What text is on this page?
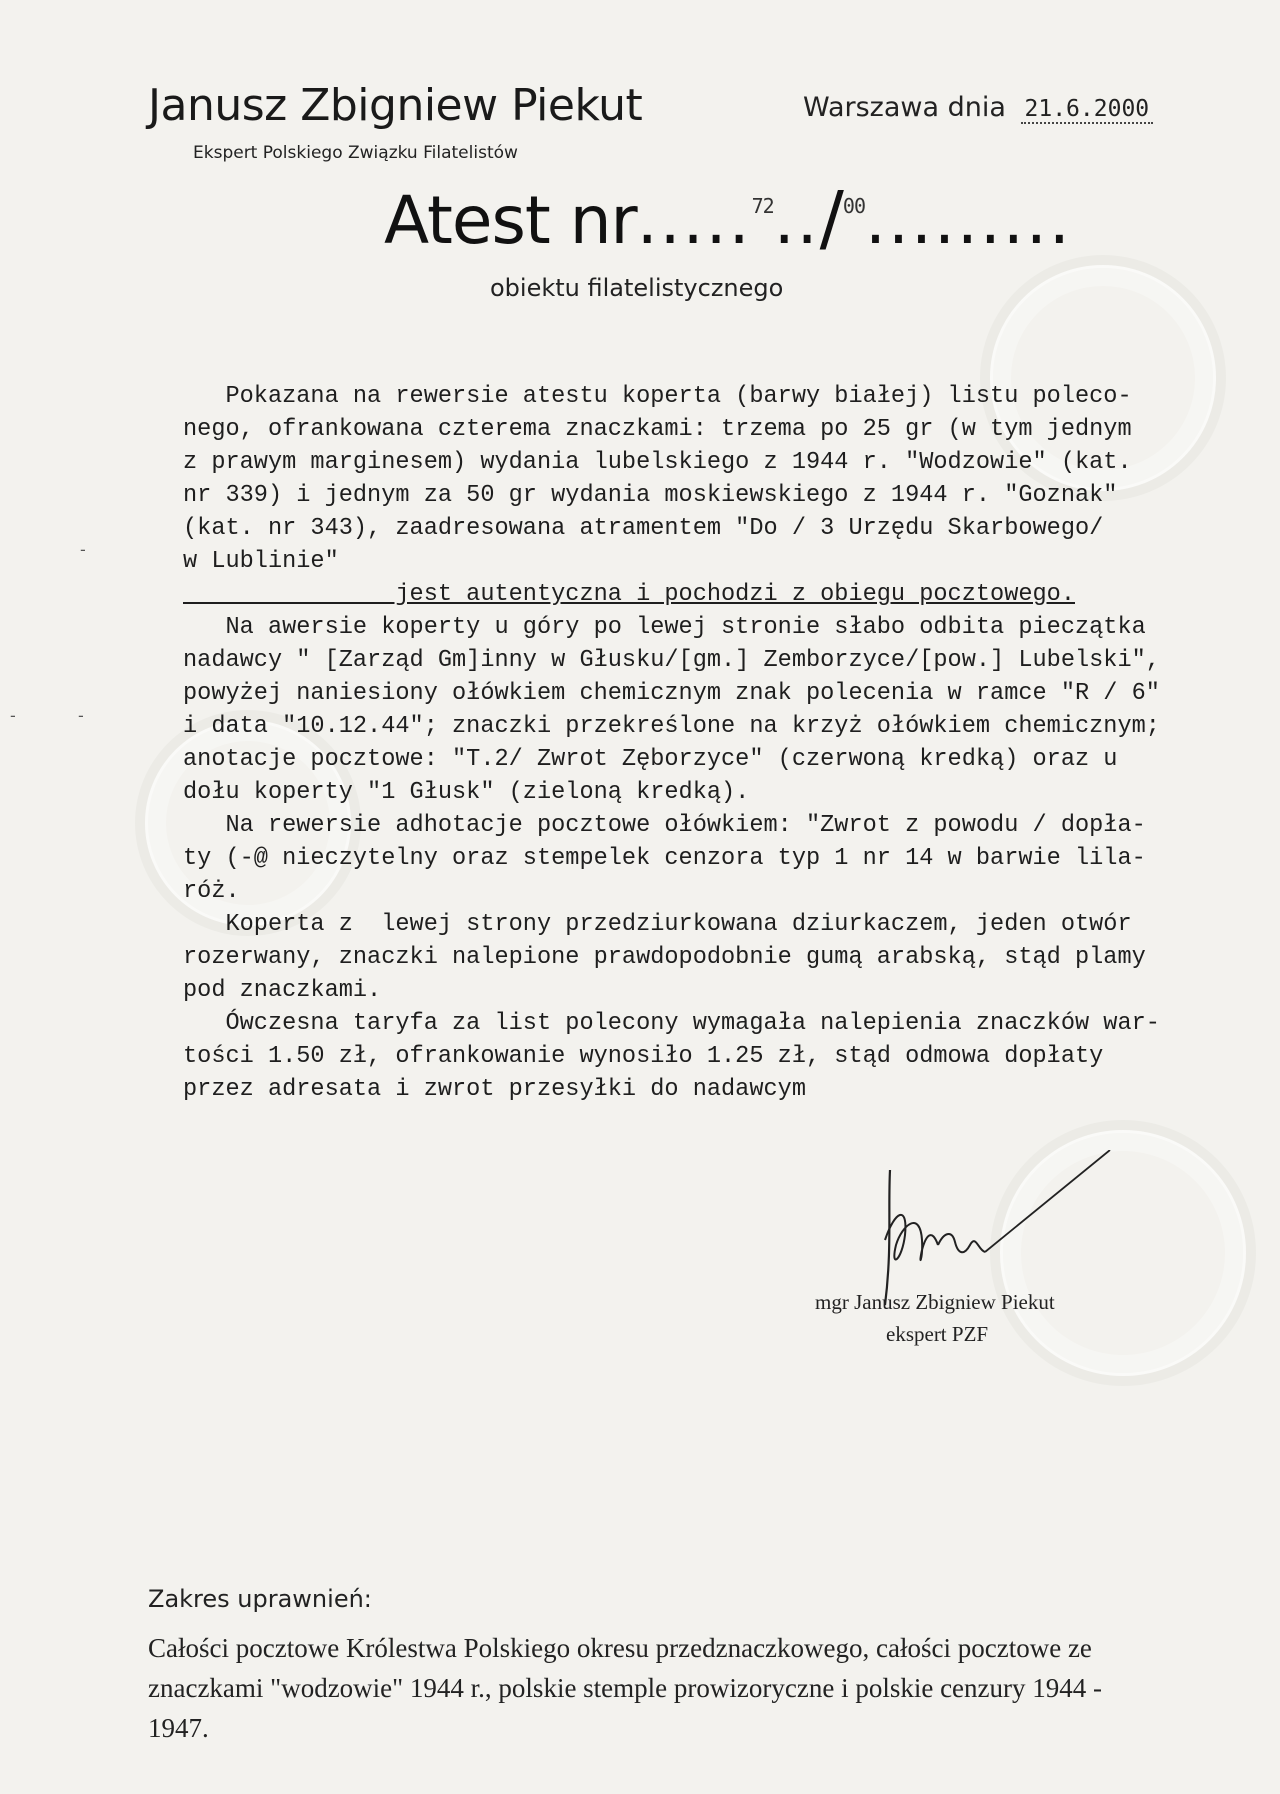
-
-	-
Janusz Zbigniew Piekut
Ekspert Polskiego Związku Filatelistów
Warszawa dnia 21.6.2000
Atest nr.....$^{72}$../$^{00}$.........
obiektu filatelistycznego
Pokazana na rewersie atestu koperta (barwy białej) listu poleco-
nego, ofrankowana czterema znaczkami: trzema po 25 gr (w tym jednym
z prawym marginesem) wydania lubelskiego z 1944 r. "Wodzowie" (kat.
nr 339) i jednym za 50 gr wydania moskiewskiego z 1944 r. "Goznak"
(kat. nr 343), zaadresowana atramentem "Do / 3 Urzędu Skarbowego/
w Lublinie"
jest autentyczna i pochodzi z obiegu pocztowego.
Na awersie koperty u góry po lewej stronie słabo odbita pieczątka
nadawcy " [Zarząd Gm]inny w Głusku/[gm.] Zemborzyce/[pow.] Lubelski",
powyżej naniesiony ołówkiem chemicznym znak polecenia w ramce "R / 6"
i data "10.12.44"; znaczki przekreślone na krzyż ołówkiem chemicznym;
anotacje pocztowe: "T.2/ Zwrot Zęborzyce" (czerwoną kredką) oraz u
dołu koperty "1 Głusk" (zieloną kredką).
Na rewersie adhotacje pocztowe ołówkiem: "Zwrot z powodu / dopła-
ty (-@ nieczytelny oraz stempelek cenzora typ 1 nr 14 w barwie lila-
róż.
Koperta z  lewej strony przedziurkowana dziurkaczem, jeden otwór
rozerwany, znaczki nalepione prawdopodobnie gumą arabską, stąd plamy
pod znaczkami.
Ówczesna taryfa za list polecony wymagała nalepienia znaczków war-
tości 1.50 zł, ofrankowanie wynosiło 1.25 zł, stąd odmowa dopłaty
przez adresata i zwrot przesyłki do nadawcym
mgr Janusz Zbigniew Piekut
ekspert PZF
Zakres uprawnień:
Całości pocztowe Królestwa Polskiego okresu przedznaczkowego, całości pocztowe ze znaczkami "wodzowie" 1944 r., polskie stemple prowizoryczne i polskie cenzury 1944 - 1947.
